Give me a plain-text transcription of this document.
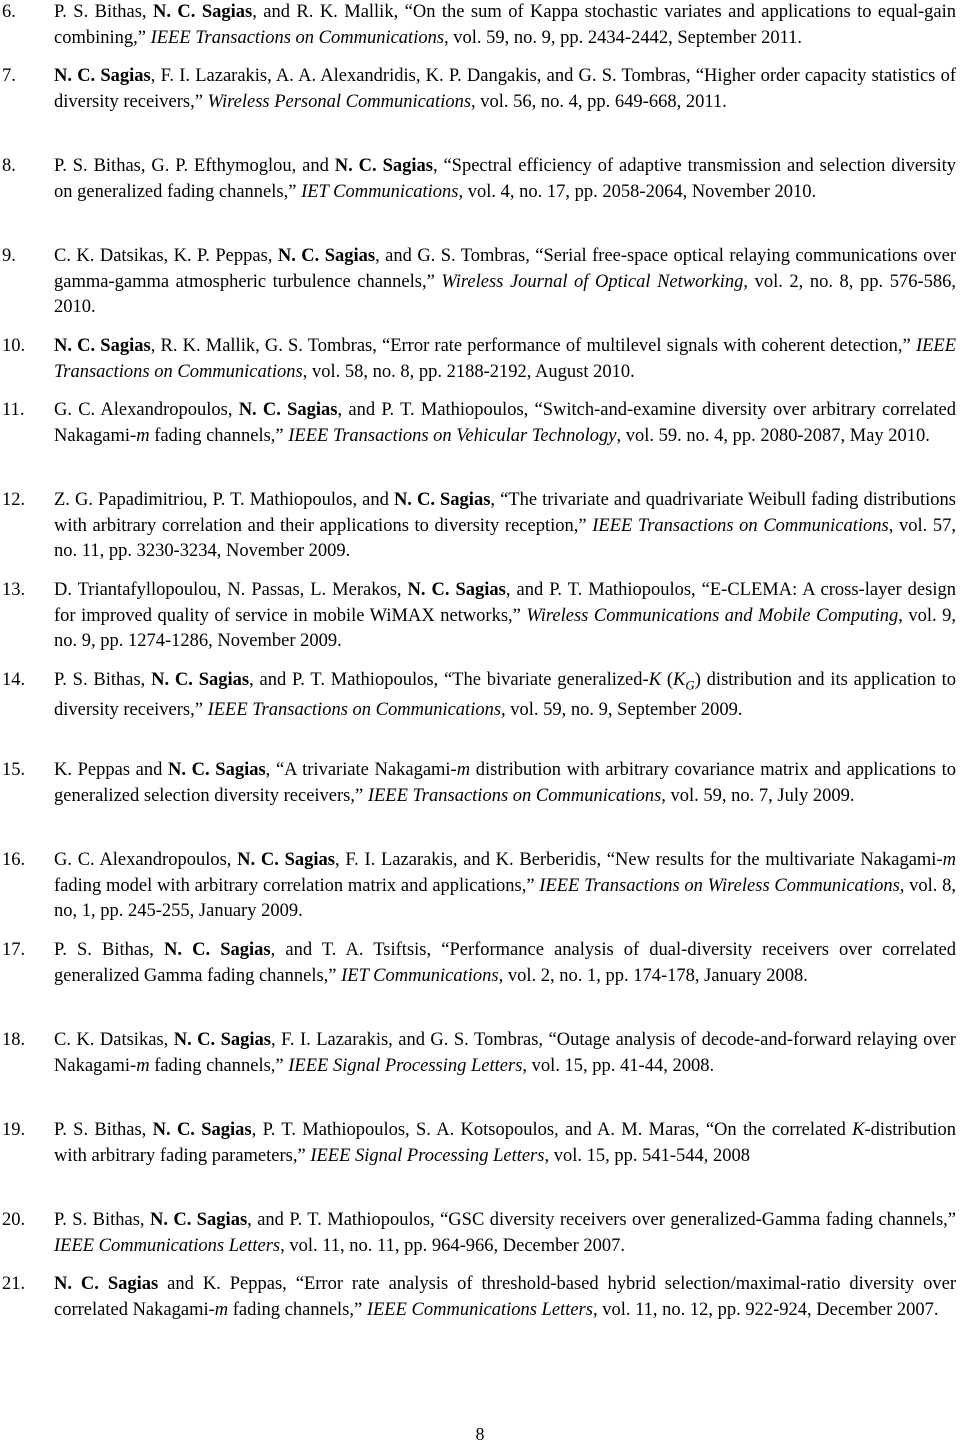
6.	P. S. Bithas, N. C. Sagias, and R. K. Mallik, “On the sum of Kappa stochastic variates and applications to equal-gain combining,” IEEE Transactions on Communications, vol. 59, no. 9, pp. 2434-2442, September 2011.
7.	N. C. Sagias, F. I. Lazarakis, A. A. Alexandridis, K. P. Dangakis, and G. S. Tombras, “Higher order capacity statistics of diversity receivers,” Wireless Personal Communications, vol. 56, no. 4, pp. 649-668, 2011.
8.	P. S. Bithas, G. P. Efthymoglou, and N. C. Sagias, “Spectral efficiency of adaptive transmission and selection diversity on generalized fading channels,” IET Communications, vol. 4, no. 17, pp. 2058-2064, November 2010.
9.	C. K. Datsikas, K. P. Peppas, N. C. Sagias, and G. S. Tombras, “Serial free-space optical relaying communications over gamma-gamma atmospheric turbulence channels,” Wireless Journal of Optical Networking, vol. 2, no. 8, pp. 576-586, 2010.
10.	N. C. Sagias, R. K. Mallik, G. S. Tombras, “Error rate performance of multilevel signals with coherent detection,” IEEE Transactions on Communications, vol. 58, no. 8, pp. 2188-2192, August 2010.
11.	G. C. Alexandropoulos, N. C. Sagias, and P. T. Mathiopoulos, “Switch-and-examine diversity over arbitrary correlated Nakagami-m fading channels,” IEEE Transactions on Vehicular Technology, vol. 59. no. 4, pp. 2080-2087, May 2010.
12.	Z. G. Papadimitriou, P. T. Mathiopoulos, and N. C. Sagias, “The trivariate and quadrivariate Weibull fading distributions with arbitrary correlation and their applications to diversity reception,” IEEE Transactions on Communications, vol. 57, no. 11, pp. 3230-3234, November 2009.
13.	D. Triantafyllopoulou, N. Passas, L. Merakos, N. C. Sagias, and P. T. Mathiopoulos, “E-CLEMA: A cross-layer design for improved quality of service in mobile WiMAX networks,” Wireless Communications and Mobile Computing, vol. 9, no. 9, pp. 1274-1286, November 2009.
14.	P. S. Bithas, N. C. Sagias, and P. T. Mathiopoulos, “The bivariate generalized-K $(K_G)$ distribution and its application to diversity receivers,” IEEE Transactions on Communications, vol. 59, no. 9, September 2009.
15.	K. Peppas and N. C. Sagias, “A trivariate Nakagami-m distribution with arbitrary covariance matrix and applications to generalized selection diversity receivers,” IEEE Transactions on Communications, vol. 59, no. 7, July 2009.
16.	G. C. Alexandropoulos, N. C. Sagias, F. I. Lazarakis, and K. Berberidis, “New results for the multivariate Nakagami-m fading model with arbitrary correlation matrix and applications,” IEEE Transactions on Wireless Communications, vol. 8, no, 1, pp. 245-255, January 2009.
17.	P. S. Bithas, N. C. Sagias, and T. A. Tsiftsis, “Performance analysis of dual-diversity receivers over correlated generalized Gamma fading channels,” IET Communications, vol. 2, no. 1, pp. 174-178, January 2008.
18.	C. K. Datsikas, N. C. Sagias, F. I. Lazarakis, and G. S. Tombras, “Outage analysis of decode-and-forward relaying over Nakagami-m fading channels,” IEEE Signal Processing Letters, vol. 15, pp. 41-44, 2008.
19.	P. S. Bithas, N. C. Sagias, P. T. Mathiopoulos, S. A. Kotsopoulos, and A. M. Maras, “On the correlated K-distribution with arbitrary fading parameters,” IEEE Signal Processing Letters, vol. 15, pp. 541-544, 2008
20.	P. S. Bithas, N. C. Sagias, and P. T. Mathiopoulos, “GSC diversity receivers over generalized-Gamma fading channels,” IEEE Communications Letters, vol. 11, no. 11, pp. 964-966, December 2007.
21.	N. C. Sagias and K. Peppas, “Error rate analysis of threshold-based hybrid selection/maximal-ratio diversity over correlated Nakagami-m fading channels,” IEEE Communications Letters, vol. 11, no. 12, pp. 922-924, December 2007.
8
